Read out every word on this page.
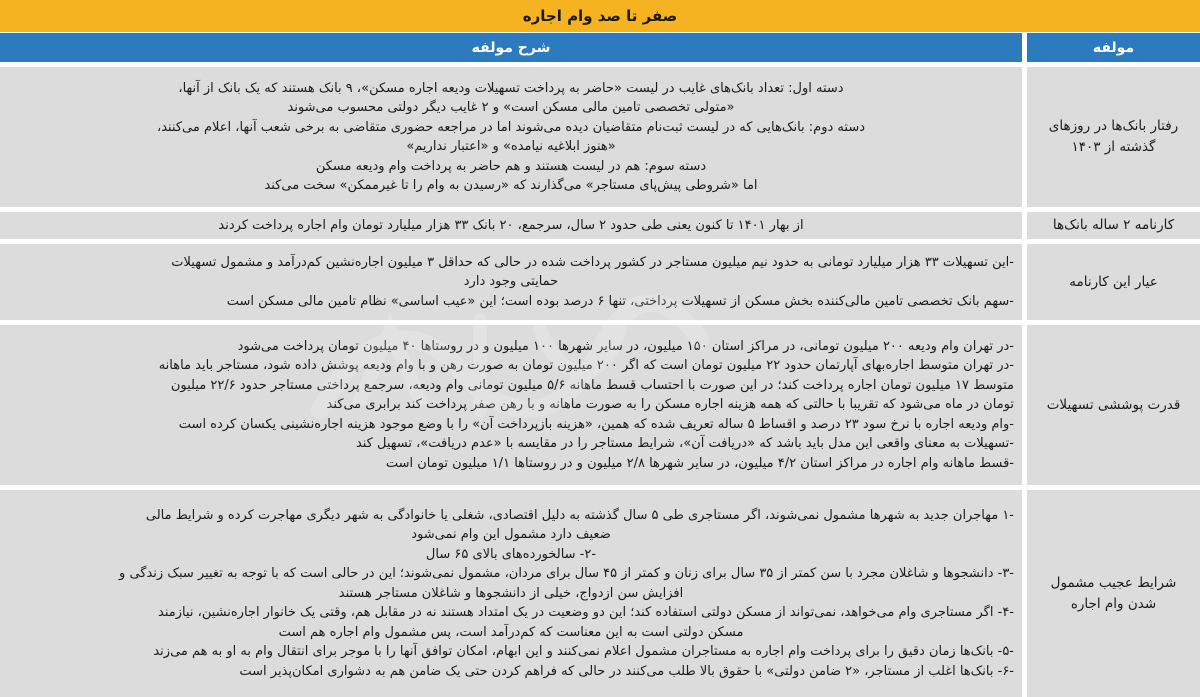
صفر تا صد وام اجاره
مولفه
شرح مولفه
رفتار بانک‌ها در روزهای گذشته از ۱۴۰۳
دسته اول: تعداد بانک‌های غایب در لیست «حاضر به پرداخت تسهیلات ودیعه اجاره مسکن»، ۹ بانک هستند که یک بانک از آنها،
«متولی تخصصی تامین مالی مسکن است» و ۲ غایب دیگر دولتی محسوب می‌شوند
دسته دوم: بانک‌هایی که در لیست ثبت‌نام متقاضیان دیده می‌شوند اما در مراجعه حضوری متقاضی به برخی شعب آنها، اعلام می‌کنند،
«هنوز ابلاغیه نیامده» و «اعتبار نداریم»
دسته سوم: هم در لیست هستند و هم حاضر به پرداخت وام ودیعه مسکن
اما «شروطی پیش‌پای مستاجر» می‌گذارند که «رسیدن به وام را تا غیرممکن» سخت می‌کند
کارنامه ۲ ساله بانک‌ها
از بهار ۱۴۰۱ تا کنون یعنی طی حدود ۲ سال، سرجمع، ۲۰ بانک ۳۳ هزار میلیارد تومان وام اجاره پرداخت کردند
عیار این کارنامه
-این تسهیلات ۳۳ هزار میلیارد تومانی به حدود نیم میلیون مستاجر در کشور پرداخت شده در حالی که حداقل ۳ میلیون اجاره‌نشین کم‌درآمد و مشمول تسهیلات
حمایتی وجود دارد
-سهم بانک تخصصی تامین مالی‌کننده بخش مسکن از تسهیلات پرداختی، تنها ۶ درصد بوده است؛ این «عیب اساسی» نظام تامین مالی مسکن است
قدرت پوششی تسهیلات
-در تهران وام ودیعه ۲۰۰ میلیون تومانی، در مراکز استان ۱۵۰ میلیون، در سایر شهرها ۱۰۰ میلیون و در روستاها ۴۰ میلیون تومان پرداخت می‌شود
-در تهران متوسط اجاره‌بهای آپارتمان حدود ۲۲ میلیون تومان است که اگر ۲۰۰ میلیون تومان به صورت رهن و با وام ودیعه پوشش داده شود، مستاجر باید ماهانه
متوسط ۱۷ میلیون تومان اجاره پرداخت کند؛ در این صورت با احتساب قسط ماهانه ۵/۶ میلیون تومانی وام ودیعه، سرجمع پرداختی مستاجر حدود ۲۲/۶ میلیون
تومان در ماه می‌شود که تقریبا با حالتی که همه هزینه اجاره مسکن را به صورت ماهانه و با رهن صفر پرداخت کند برابری می‌کند
-وام ودیعه اجاره با نرخ سود ۲۳ درصد و اقساط ۵ ساله تعریف شده که همین، «هزینه بازپرداخت آن» را با وضع موجود هزینه اجاره‌نشینی یکسان کرده است
-تسهیلات به معنای واقعی این مدل باید باشد که «دریافت آن»، شرایط مستاجر را در مقایسه با «عدم دریافت»، تسهیل کند
-قسط ماهانه وام اجاره در مراکز استان ۴/۲ میلیون، در سایر شهرها ۲/۸ میلیون و در روستاها ۱/۱ میلیون تومان است
شرایط عجیب مشمول شدن وام اجاره
-۱ مهاجران جدید به شهرها مشمول نمی‌شوند، اگر مستاجری طی ۵ سال گذشته به دلیل اقتصادی، شغلی یا خانوادگی به شهر دیگری مهاجرت کرده و شرایط مالی
ضعیف دارد مشمول این وام نمی‌شود
-۲- سالخورده‌های بالای ۶۵ سال
-۳- دانشجوها و شاغلان مجرد با سن کمتر از ۳۵ سال برای زنان و کمتر از ۴۵ سال برای مردان، مشمول نمی‌شوند؛ این در حالی است که با توجه به تغییر سبک زندگی و
افزایش سن ازدواج، خیلی از دانشجوها و شاغلان مستاجر هستند
-۴- اگر مستاجری وام می‌خواهد، نمی‌تواند از مسکن دولتی استفاده کند؛ این دو وضعیت در یک امتداد هستند نه در مقابل هم، وقتی یک خانوار اجاره‌نشین، نیازمند
مسکن دولتی است به این معناست که کم‌درآمد است، پس مشمول وام اجاره هم است
-۵- بانک‌ها زمان دقیق را برای پرداخت وام اجاره به مستاجران مشمول اعلام نمی‌کنند و این ابهام، امکان توافق آنها را با موجر برای انتقال وام به او به هم می‌زند
-۶- بانک‌ها اغلب از مستاجر، «۲ ضامن دولتی» با حقوق بالا طلب می‌کنند در حالی که فراهم کردن حتی یک ضامن هم به دشواری امکان‌پذیر است
